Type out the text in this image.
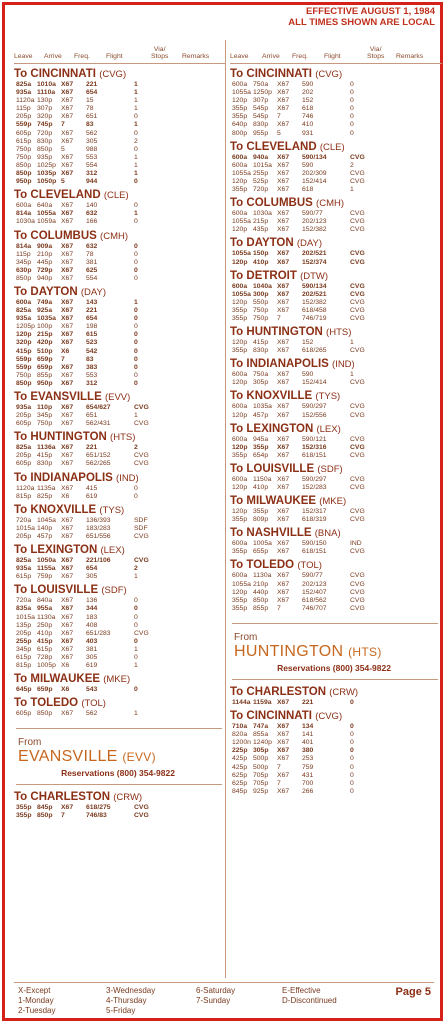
EFFECTIVE AUGUST 1, 1984
ALL TIMES SHOWN ARE LOCAL
Leave Arrive Freq. Flight
Via/
Stops Remarks
To CINCINNATI (CVG)
825a 1010a X67 221	1
935a 1110a X67 654	1
1120a 130p X67 15	1
115p 307p X67 78	1
205p 320p X67 651	0
559p 745p 7	83	1
605p 720p X67 562	0
615p 830p X67 305	2
750p 850p 5	988	0
750p 935p X67 553	1
850p 1025p X67 554	1
850p 1035p X67 312	1
950p 1050p 5	944	0
To CLEVELAND (CLE)
600a 640a X67 140	0
814a 1055a X67 632	1
1030a 1059a X67 166	0
To COLUMBUS (CMH)
814a 909a X67 632	0
115p 210p X67 78	0
345p 445p X67 381	0
630p 729p X67 625	0
850p 940p X67 554	0
To DAYTON (DAY)
600a 749a X67 143	1
825a 925a X67 221	0
935a 1035a X67 654	0
1205p 100p X67 198	0
120p 215p X67 615	0
320p 420p X67 523	0
415p 510p X6 542	0
559p 659p 7	83	0
559p 659p X67 383	0
750p 855p X67 553	0
850p 950p X67 312	0
To EVANSVILLE (EVV)
935a 110p X67 654/627	CVG
205p 345p X67 651	1
605p 750p X67 562/431	CVG
To HUNTINGTON (HTS)
825a 1136a X67 221	2
205p 415p X67 651/152	CVG
605p 830p X67 562/265	CVG
To INDIANAPOLIS (IND)
1120a 1135a X67 415	0
815p 825p X6 619	0
To KNOXVILLE (TYS)
720a 1045a X67 136/393	SDF
1015a 140p X67 183/283	SDF
205p 457p X67 651/556	CVG
To LEXINGTON (LEX)
825a 1050a X67 221/106	CVG
935a 1155a X67 654	2
615p 759p X67 305	1
To LOUISVILLE (SDF)
720a 840a X67 136	0
835a 955a X67 344	0
1015a 1130a X67 183	0
135p 250p X67 408	0
205p 410p X67 651/283	CVG
255p 415p X67 403	0
345p 615p X67 381	1
615p 728p X67 305	0
815p 1005p X6 619	1
To MILWAUKEE (MKE)
645p 659p X6 543	0
To TOLEDO (TOL)
605p 850p X67 562	1
From
EVANSVILLE (EVV)
Reservations (800) 354-9822
To CHARLESTON (CRW)
355p 845p X67 618/275	CVG
355p 850p 7	746/83	CVG
Leave Arrive Freq. Flight
Via/
Stops Remarks
To CINCINNATI (CVG)
600a 750a X67 590	0
1055a 1250p X67 202	0
120p 307p X67 152	0
355p 545p X67 618	0
355p 545p 7	746	0
640p 830p X67 410	0
800p 955p 5	931	0
To CLEVELAND (CLE)
600a 940a X67 590/134	CVG
600a 1015a X67 590	2
1055a 255p X67 202/309	CVG
120p 525p X67 152/414	CVG
355p 720p X67 618	1
To COLUMBUS (CMH)
600a 1030a X67 590/77	CVG
1055a 215p X67 202/123	CVG
120p 435p X67 152/382	CVG
To DAYTON (DAY)
1055a 150p X67 202/521	CVG
120p 410p X67 152/374	CVG
To DETROIT (DTW)
600a 1040a X67 590/134	CVG
1055a 300p X67 202/521	CVG
120p 550p X67 152/382	CVG
355p 750p X67 618/458	CVG
355p 750p 7	746/719	CVG
To HUNTINGTON (HTS)
120p 415p X67 152	1
355p 830p X67 618/265	CVG
To INDIANAPOLIS (IND)
600a 750a X67 590	1
120p 305p X67 152/414	CVG
To KNOXVILLE (TYS)
600a 1035a X67 590/297	CVG
120p 457p X67 152/556	CVG
To LEXINGTON (LEX)
600a 945a X67 590/121	CVG
120p 355p X67 152/316	CVG
355p 654p X67 618/151	CVG
To LOUISVILLE (SDF)
600a 1150a X67 590/297	CVG
120p 410p X67 152/283	CVG
To MILWAUKEE (MKE)
120p 355p X67 152/317	CVG
355p 809p X67 618/319	CVG
To NASHVILLE (BNA)
600a 1005a X67 590/150	IND
355p 655p X67 618/151	CVG
To TOLEDO (TOL)
600a 1130a X67 590/77	CVG
1055a 210p X67 202/123	CVG
120p 440p X67 152/407	CVG
355p 850p X67 618/562	CVG
355p 855p 7	746/707	CVG
From
HUNTINGTON (HTS)
Reservations (800) 354-9822
To CHARLESTON (CRW)
1144a 1159a X67 221	0
To CINCINNATI (CVG)
710a 747a X67 134	0
820a 855a X67 141	0
1200n 1240p X67 401	0
225p 305p X67 380	0
425p 500p X67 253	0
425p 500p 7	759	0
625p 705p X67 431	0
625p 705p 7	700	0
845p 925p X67 266	0
X-Except
1-Monday
2-Tuesday
3-Wednesday
4-Thursday
5-Friday
6-Saturday
7-Sunday
E-Effective
D-Discontinued
Page 5
